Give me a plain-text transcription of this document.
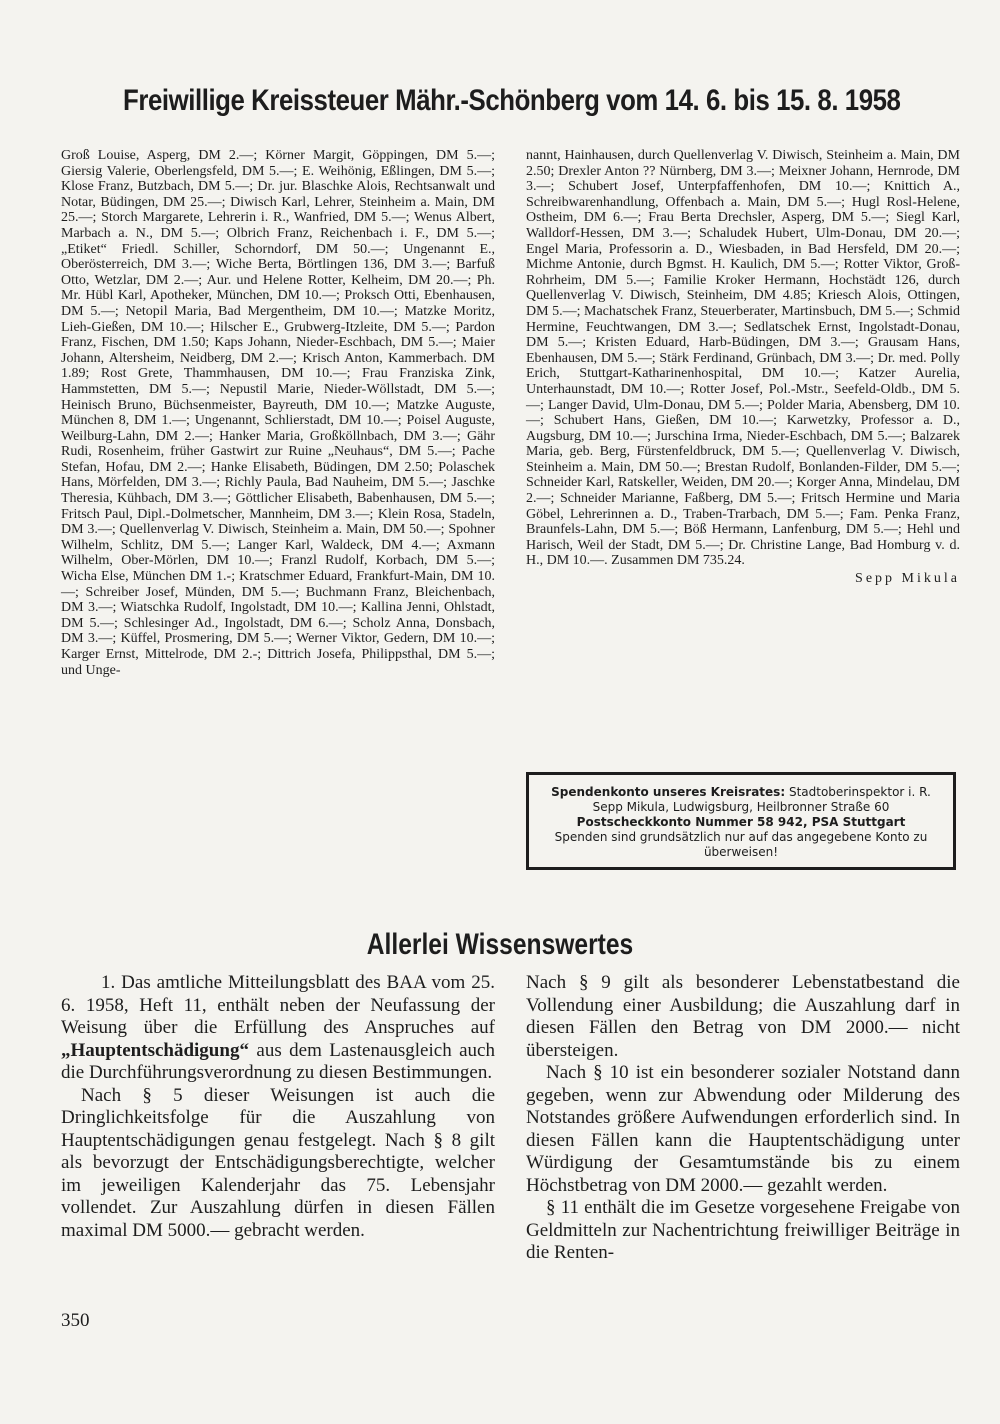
Freiwillige Kreissteuer Mähr.-Schönberg vom 14. 6. bis 15. 8. 1958

Groß Louise, Asperg, DM 2.—; Körner Margit, Göppingen, DM 5.—; Giersig Valerie, Oberlengsfeld, DM 5.—; E. Weihönig, Eßlingen, DM 5.—; Klose Franz, Butzbach, DM 5.—; Dr. jur. Blaschke Alois, Rechtsanwalt und Notar, Büdingen, DM 25.—; Diwisch Karl, Lehrer, Steinheim a. Main, DM 25.—; Storch Margarete, Lehrerin i. R., Wanfried, DM 5.—; Wenus Albert, Marbach a. N., DM 5.—; Olbrich Franz, Reichenbach i. F., DM 5.—; „Etiket“ Friedl. Schiller, Schorndorf, DM 50.—; Ungenannt E., Oberösterreich, DM 3.—; Wiche Berta, Börtlingen 136, DM 3.—; Barfuß Otto, Wetzlar, DM 2.—; Aur. und Helene Rotter, Kelheim, DM 20.—; Ph. Mr. Hübl Karl, Apotheker, München, DM 10.—; Proksch Otti, Ebenhausen, DM 5.—; Netopil Maria, Bad Mergentheim, DM 10.—; Matzke Moritz, Lieh-Gießen, DM 10.—; Hilscher E., Grubwerg-Itzleite, DM 5.—; Pardon Franz, Fischen, DM 1.50; Kaps Johann, Nieder-Eschbach, DM 5.—; Maier Johann, Altersheim, Neidberg, DM 2.—; Krisch Anton, Kammerbach. DM 1.89; Rost Grete, Thammhausen, DM 10.—; Frau Franziska Zink, Hammstetten, DM 5.—; Nepustil Marie, Nieder-Wöllstadt, DM 5.—; Heinisch Bruno, Büchsenmeister, Bayreuth, DM 10.—; Matzke Auguste, München 8, DM 1.—; Ungenannt, Schlierstadt, DM 10.—; Poisel Auguste, Weilburg-Lahn, DM 2.—; Hanker Maria, Großköllnbach, DM 3.—; Gähr Rudi, Rosenheim, früher Gastwirt zur Ruine „Neuhaus“, DM 5.—; Pache Stefan, Hofau, DM 2.—; Hanke Elisabeth, Büdingen, DM 2.50; Polaschek Hans, Mörfelden, DM 3.—; Richly Paula, Bad Nauheim, DM 5.—; Jaschke Theresia, Kühbach, DM 3.—; Göttlicher Elisabeth, Babenhausen, DM 5.—; Fritsch Paul, Dipl.-Dolmetscher, Mannheim, DM 3.—; Klein Rosa, Stadeln, DM 3.—; Quellenverlag V. Diwisch, Steinheim a. Main, DM 50.—; Spohner Wilhelm, Schlitz, DM 5.—; Langer Karl, Waldeck, DM 4.—; Axmann Wilhelm, Ober-Mörlen, DM 10.—; Franzl Rudolf, Korbach, DM 5.—; Wicha Else, München DM 1.-; Kratschmer Eduard, Frankfurt-Main, DM 10.—; Schreiber Josef, Münden, DM 5.—; Buchmann Franz, Bleichenbach, DM 3.—; Wiatschka Rudolf, Ingolstadt, DM 10.—; Kallina Jenni, Ohlstadt, DM 5.—; Schlesinger Ad., Ingolstadt, DM 6.—; Scholz Anna, Donsbach, DM 3.—; Küffel, Prosmering, DM 5.—; Werner Viktor, Gedern, DM 10.—; Karger Ernst, Mittelrode, DM 2.-; Dittrich Josefa, Philippsthal, DM 5.—; und Unge-

nannt, Hainhausen, durch Quellenverlag V. Diwisch, Steinheim a. Main, DM 2.50; Drexler Anton ?? Nürnberg, DM 3.—; Meixner Johann, Hernrode, DM 3.—; Schubert Josef, Unterpfaffenhofen, DM 10.—; Knittich A., Schreibwarenhandlung, Offenbach a. Main, DM 5.—; Hugl Rosl-Helene, Ostheim, DM 6.—; Frau Berta Drechsler, Asperg, DM 5.—; Siegl Karl, Walldorf-Hessen, DM 3.—; Schaludek Hubert, Ulm-Donau, DM 20.—; Engel Maria, Professorin a. D., Wiesbaden, in Bad Hersfeld, DM 20.—; Michme Antonie, durch Bgmst. H. Kaulich, DM 5.—; Rotter Viktor, Groß-Rohrheim, DM 5.—; Familie Kroker Hermann, Hochstädt 126, durch Quellenverlag V. Diwisch, Steinheim, DM 4.85; Kriesch Alois, Ottingen, DM 5.—; Machatschek Franz, Steuerberater, Martinsbuch, DM 5.—; Schmid Hermine, Feuchtwangen, DM 3.—; Sedlatschek Ernst, Ingolstadt-Donau, DM 5.—; Kristen Eduard, Harb-Büdingen, DM 3.—; Grausam Hans, Ebenhausen, DM 5.—; Stärk Ferdinand, Grünbach, DM 3.—; Dr. med. Polly Erich, Stuttgart-Katharinenhospital, DM 10.—; Katzer Aurelia, Unterhaunstadt, DM 10.—; Rotter Josef, Pol.-Mstr., Seefeld-Oldb., DM 5.—; Langer David, Ulm-Donau, DM 5.—; Polder Maria, Abensberg, DM 10.—; Schubert Hans, Gießen, DM 10.—; Karwetzky, Professor a. D., Augsburg, DM 10.—; Jurschina Irma, Nieder-Eschbach, DM 5.—; Balzarek Maria, geb. Berg, Fürstenfeldbruck, DM 5.—; Quellenverlag V. Diwisch, Steinheim a. Main, DM 50.—; Brestan Rudolf, Bonlanden-Filder, DM 5.—; Schneider Karl, Ratskeller, Weiden, DM 20.—; Korger Anna, Mindelau, DM 2.—; Schneider Marianne, Faßberg, DM 5.—; Fritsch Hermine und Maria Göbel, Lehrerinnen a. D., Traben-Trarbach, DM 5.—; Fam. Penka Franz, Braunfels-Lahn, DM 5.—; Böß Hermann, Lanfenburg, DM 5.—; Hehl und Harisch, Weil der Stadt, DM 5.—; Dr. Christine Lange, Bad Homburg v. d. H., DM 10.—. Zusammen DM 735.24.

Sepp Mikula
Spendenkonto unseres Kreisrates: Stadtoberinspektor i. R. Sepp Mikula, Ludwigsburg, Heilbronner Straße 60
Postscheckkonto Nummer 58 942, PSA Stuttgart
Spenden sind grundsätzlich nur auf das angegebene Konto zu überweisen!
Allerlei Wissenswertes

1. Das amtliche Mitteilungsblatt des BAA vom 25. 6. 1958, Heft 11, enthält neben der Neufassung der Weisung über die Erfüllung des Anspruches auf „Hauptentschädigung“ aus dem Lastenausgleich auch die Durchführungsverordnung zu diesen Bestimmungen.

Nach § 5 dieser Weisungen ist auch die Dringlichkeitsfolge für die Auszahlung von Hauptentschädigungen genau festgelegt. Nach § 8 gilt als bevorzugt der Entschädigungsberechtigte, welcher im jeweiligen Kalenderjahr das 75. Lebensjahr vollendet. Zur Auszahlung dürfen in diesen Fällen maximal DM 5000.— gebracht werden.

Nach § 9 gilt als besonderer Lebenstatbestand die Vollendung einer Ausbildung; die Auszahlung darf in diesen Fällen den Betrag von DM 2000.— nicht übersteigen.

Nach § 10 ist ein besonderer sozialer Notstand dann gegeben, wenn zur Abwendung oder Milderung des Notstandes größere Aufwendungen erforderlich sind. In diesen Fällen kann die Hauptentschädigung unter Würdigung der Gesamtumstände bis zu einem Höchstbetrag von DM 2000.— gezahlt werden.

§ 11 enthält die im Gesetze vorgesehene Freigabe von Geldmitteln zur Nachentrichtung freiwilliger Beiträge in die Renten-

350
